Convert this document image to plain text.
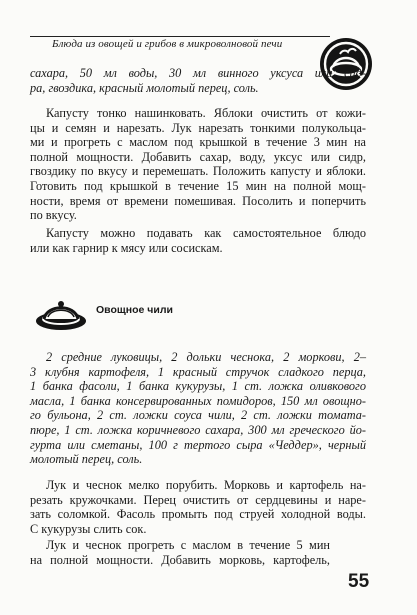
Блюда из овощей и грибов в микроволновой печи
сахара, 50 мл воды, 30 мл винного уксуса или сид-
ра, гвоздика, красный молотый перец, соль.
Капусту тонко нашинковать. Яблоки очистить от кожи-
цы и семян и нарезать. Лук нарезать тонкими полукольца-
ми и прогреть с маслом под крышкой в течение 3 мин на
полной мощности. Добавить сахар, воду, уксус или сидр,
гвоздику по вкусу и перемешать. Положить капусту и яблоки.
Готовить под крышкой в течение 15 мин на полной мощ-
ности, время от времени помешивая. Посолить и поперчить
по вкусу.
Капусту можно подавать как самостоятельное блюдо
или как гарнир к мясу или сосискам.
Овощное чили
2 средние луковицы, 2 дольки чеснока, 2 моркови, 2–
3 клубня картофеля, 1 красный стручок сладкого перца,
1 банка фасоли, 1 банка кукурузы, 1 ст. ложка оливкового
масла, 1 банка консервированных помидоров, 150 мл овощно-
го бульона, 2 ст. ложки соуса чили, 2 ст. ложки томата-
пюре, 1 ст. ложка коричневого сахара, 300 мл греческого йо-
гурта или сметаны, 100 г тертого сыра «Чеддер», черный
молотый перец, соль.
Лук и чеснок мелко порубить. Морковь и картофель на-
резать кружочками. Перец очистить от сердцевины и наре-
зать соломкой. Фасоль промыть под струей холодной воды.
С кукурузы слить сок.
Лук и чеснок прогреть с маслом в течение 5 мин
на полной мощности. Добавить морковь, картофель,
55
